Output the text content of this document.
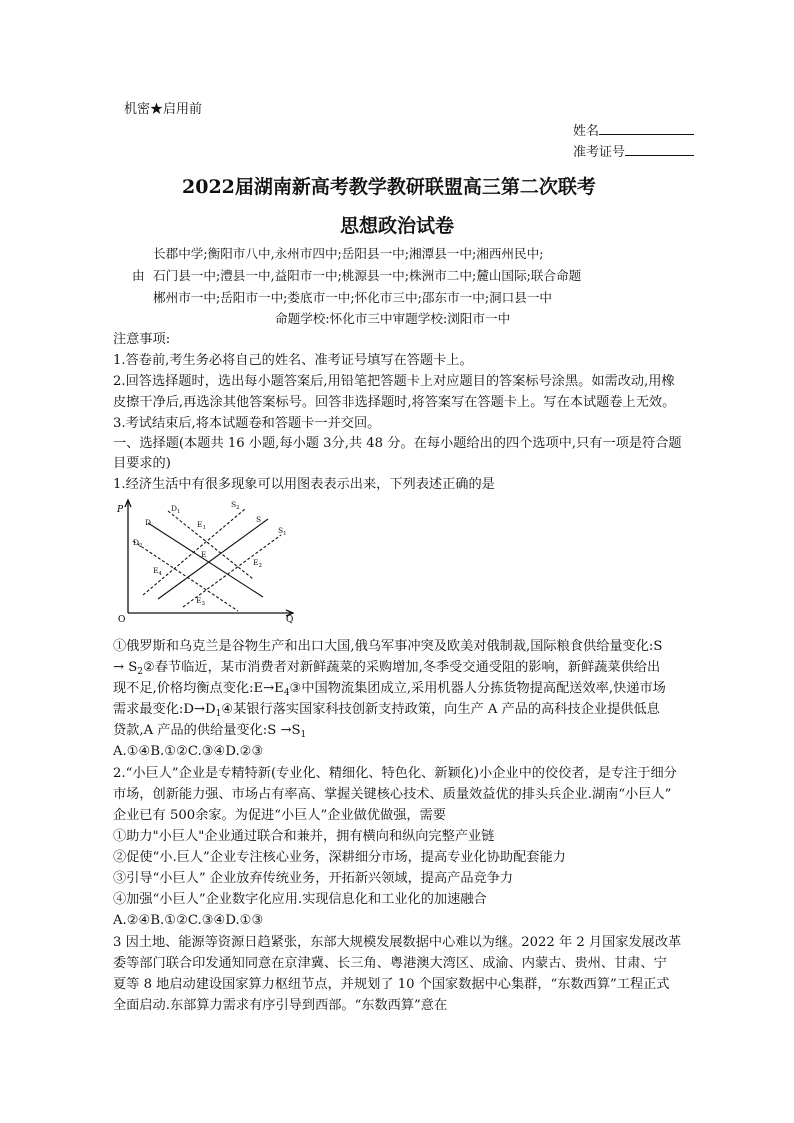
机密★启用前
姓名
准考证号
2022届湖南新高考教学教研联盟高三第二次联考
思想政治试卷
长郡中学;衡阳市八中,永州市四中;岳阳县一中;湘潭县一中;湘西州民中;
由 石门县一中;澧县一中,益阳市一中;桃源县一中;株洲市二中;麓山国际;联合命题
郴州市一中;岳阳市一中;娄底市一中;怀化市三中;邵东市一中;洞口县一中
命题学校:怀化市三中审题学校:浏阳市一中
注意事项:
1.答卷前,考生务必将自己的姓名、准考证号填写在答题卡上。
2.回答选择题时，选出每小题答案后,用铅笔把答题卡上对应题目的答案标号涂黑。如需改动,用橡
皮擦干净后,再选涂其他答案标号。回答非选择题时,将答案写在答题卡上。写在本试题卷上无效。
3.考试结束后,将本试题卷和答题卡一并交回。
一、选择题(本题共 16 小题,每小题 3分,共 48 分。在每小题给出的四个选项中,只有一项是符合题
目要求的)
1.经济生活中有很多现象可以用图表表示出来，下列表述正确的是
P
Q
O
$D_1$
D
$D_2$
$S_2$
S
$S_1$
$E_1$
E
$E_2$
$E_3$
$E_4$
①俄罗斯和乌克兰是谷物生产和出口大国,俄乌军事冲突及欧美对俄制裁,国际粮食供给量变化:S
→ $S_2②$春节临近，某市消费者对新鲜蔬菜的采购增加,冬季受交通受阻的影响，新鲜蔬菜供给出
现不足,价格均衡点变化$:E\to E_4③$中国物流集团成立,采用机器人分拣货物提高配送效率,快递市场
需求最变化$:D\to D_1④$某银行落实国家科技创新支持政策，向生产 A 产品的高科技企业提供低息
贷款,A 产品的供给量变化:S $\to S_1$
A.①④B.①②C.③④D.②③
2.“小巨人”企业是专精特新(专业化、精细化、特色化、新颖化)小企业中的佼佼者，是专注于细分
市场，创新能力强、市场占有率高、掌握关键核心技术、质量效益优的排头兵企业.湖南“小巨人”
企业已有 500余家。为促进“小巨人”企业做优做强，需要
①助力"小巨人"企业通过联合和兼并，拥有横向和纵向完整产业链
②促使“小.巨人”企业专注核心业务，深耕细分市场，提高专业化协助配套能力
③引导“小巨人” 企业放弃传统业务，开拓新兴领域，提高产品竞争力
④加强“小巨人”企业数字化应用.实现信息化和工业化的加速融合
A.②④B.①②C.③④D.①③
3 因土地、能源等资源日趋紧张，东部大规模发展数据中心难以为继。2022 年 2 月国家发展改革
委等部门联合印发通知同意在京津冀、长三角、粤港澳大湾区、成渝、内蒙古、贵州、甘肃、宁
夏等 8 地启动建设国家算力枢纽节点，并规划了 10 个国家数据中心集群，“东数西算”工程正式
全面启动.东部算力需求有序引导到西部。“东数西算”意在
